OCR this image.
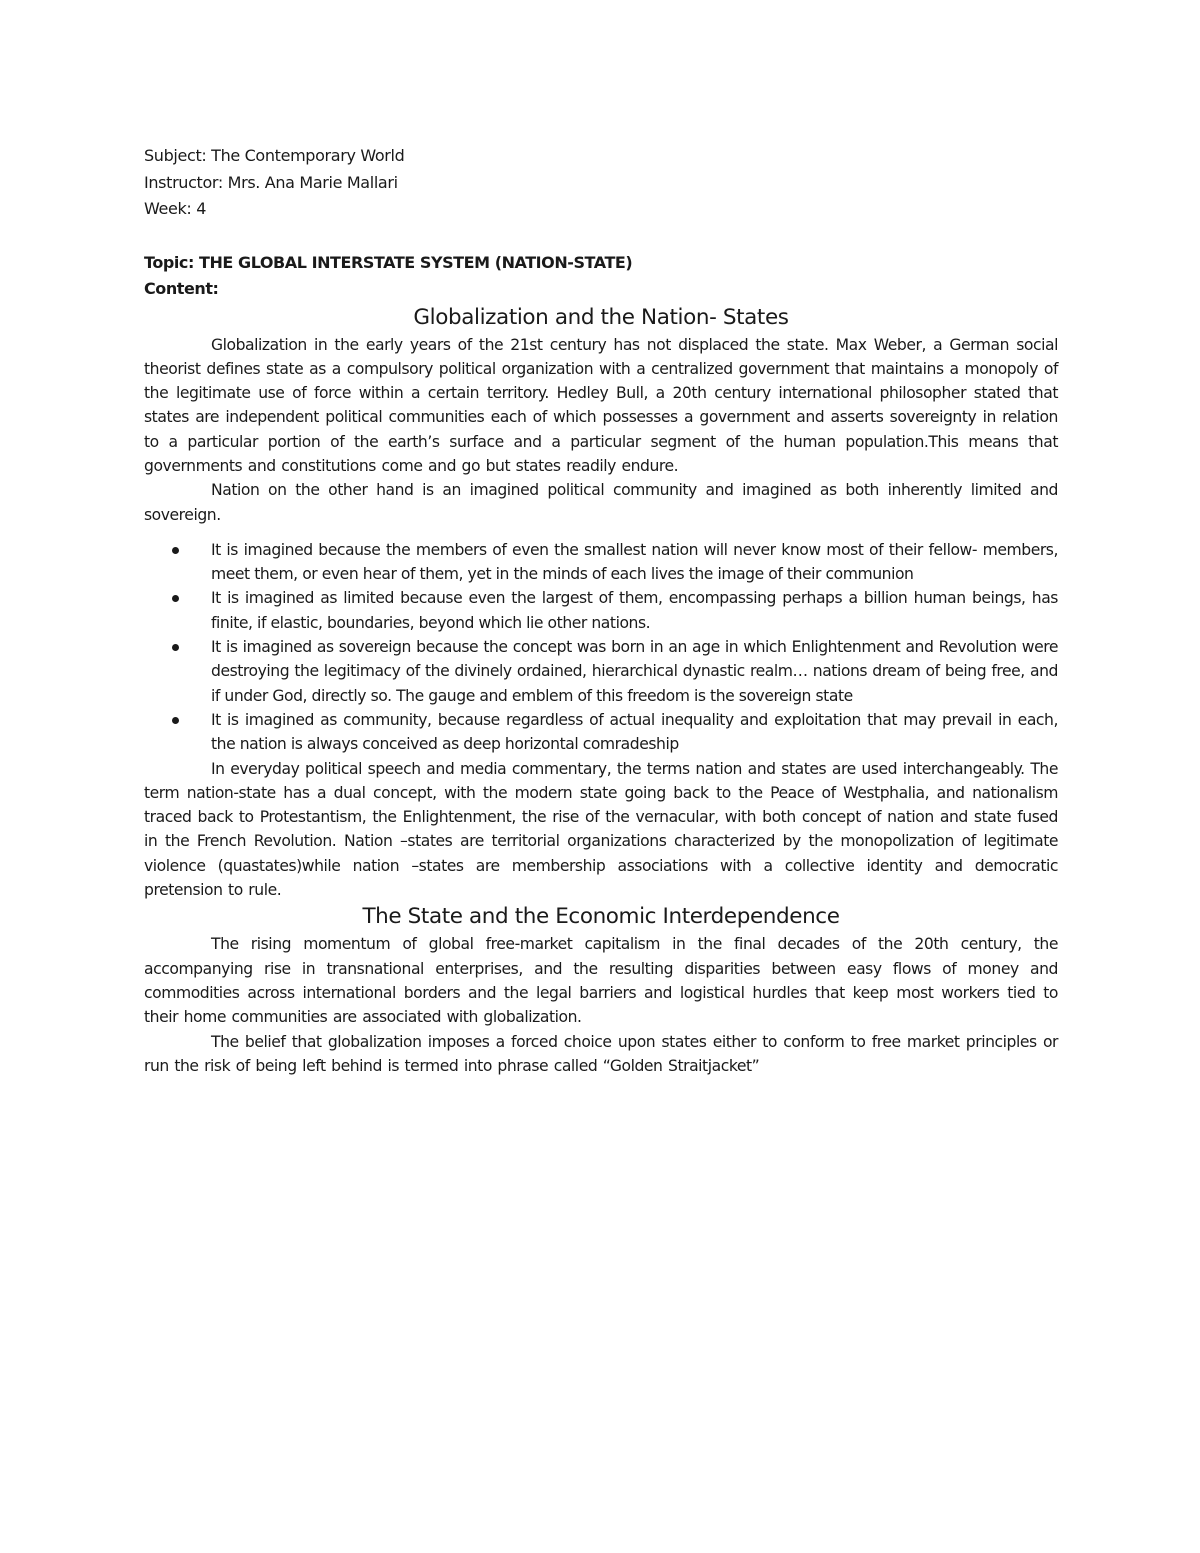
Subject: The Contemporary World

Instructor: Mrs. Ana Marie Mallari

Week: 4

Topic: THE GLOBAL INTERSTATE SYSTEM (NATION-STATE)

Content:

Globalization and the Nation- States

Globalization in the early years of the 21st century has not displaced the state. Max Weber, a German social theorist defines state as a compulsory political organization with a centralized government that maintains a monopoly of the legitimate use of force within a certain territory. Hedley Bull, a 20th century international philosopher stated that states are independent political communities each of which possesses a government and asserts sovereignty in relation to a particular portion of the earth’s surface and a particular segment of the human population.This means that governments and constitutions come and go but states readily endure.

Nation on the other hand is an imagined political community and imagined as both inherently limited and sovereign.

It is imagined because the members of even the smallest nation will never know most of their fellow- members, meet them, or even hear of them, yet in the minds of each lives the image of their communion
It is imagined as limited because even the largest of them, encompassing perhaps a billion human beings, has finite, if elastic, boundaries, beyond which lie other nations.
It is imagined as sovereign because the concept was born in an age in which Enlightenment and Revolution were destroying the legitimacy of the divinely ordained, hierarchical dynastic realm… nations dream of being free, and if under God, directly so. The gauge and emblem of this freedom is the sovereign state
It is imagined as community, because regardless of actual inequality and exploitation that may prevail in each, the nation is always conceived as deep horizontal comradeship

In everyday political speech and media commentary, the terms nation and states are used interchangeably. The term nation-state has a dual concept, with the modern state going back to the Peace of Westphalia, and nationalism traced back to Protestantism, the Enlightenment, the rise of the vernacular, with both concept of nation and state fused in the French Revolution. Nation –states are territorial organizations characterized by the monopolization of legitimate violence (quastates)while nation –states are membership associations with a collective identity and democratic pretension to rule.

The State and the Economic Interdependence

The rising momentum of global free-market capitalism in the final decades of the 20th century, the accompanying rise in transnational enterprises, and the resulting disparities between easy flows of money and commodities across international borders and the legal barriers and logistical hurdles that keep most workers tied to their home communities are associated with globalization.

The belief that globalization imposes a forced choice upon states either to conform to free market principles or run the risk of being left behind is termed into phrase called “Golden Straitjacket”
